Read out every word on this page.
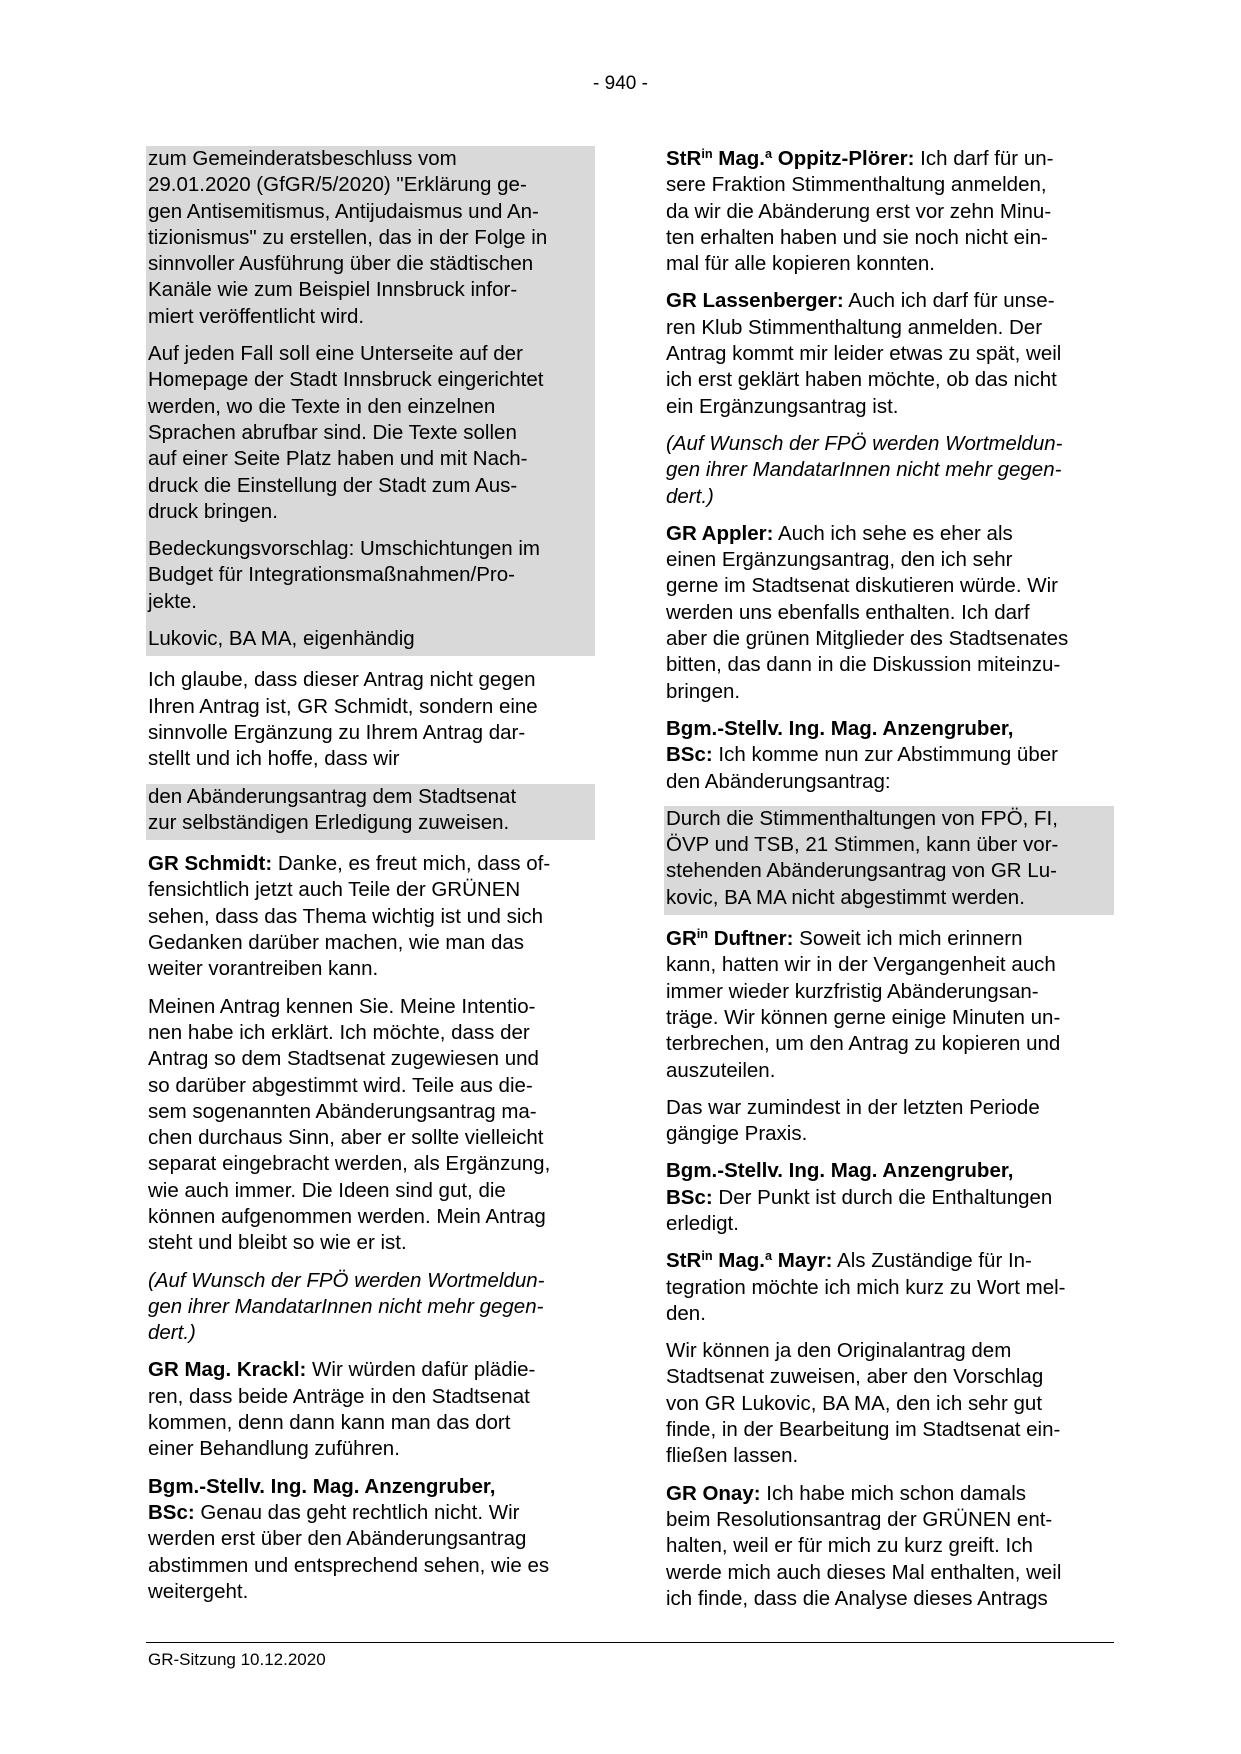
- 940 -

zum Gemeinderatsbeschluss vom
29.01.2020 (GfGR/5/2020) "Erklärung ge-
gen Antisemitismus, Antijudaismus und An-
tizionismus" zu erstellen, das in der Folge in
sinnvoller Ausführung über die städtischen
Kanäle wie zum Beispiel Innsbruck infor-
miert veröffentlicht wird.

Auf jeden Fall soll eine Unterseite auf der
Homepage der Stadt Innsbruck eingerichtet
werden, wo die Texte in den einzelnen
Sprachen abrufbar sind. Die Texte sollen
auf einer Seite Platz haben und mit Nach-
druck die Einstellung der Stadt zum Aus-
druck bringen.

Bedeckungsvorschlag: Umschichtungen im
Budget für Integrationsmaßnahmen/Pro-
jekte.

Lukovic, BA MA, eigenhändig

Ich glaube, dass dieser Antrag nicht gegen
Ihren Antrag ist, GR Schmidt, sondern eine
sinnvolle Ergänzung zu Ihrem Antrag dar-
stellt und ich hoffe, dass wir

den Abänderungsantrag dem Stadtsenat
zur selbständigen Erledigung zuweisen.

GR Schmidt: Danke, es freut mich, dass of-
fensichtlich jetzt auch Teile der GRÜNEN
sehen, dass das Thema wichtig ist und sich
Gedanken darüber machen, wie man das
weiter vorantreiben kann.

Meinen Antrag kennen Sie. Meine Intentio-
nen habe ich erklärt. Ich möchte, dass der
Antrag so dem Stadtsenat zugewiesen und
so darüber abgestimmt wird. Teile aus die-
sem sogenannten Abänderungsantrag ma-
chen durchaus Sinn, aber er sollte vielleicht
separat eingebracht werden, als Ergänzung,
wie auch immer. Die Ideen sind gut, die
können aufgenommen werden. Mein Antrag
steht und bleibt so wie er ist.

(Auf Wunsch der FPÖ werden Wortmeldun-
gen ihrer MandatarInnen nicht mehr gegen-
dert.)

GR Mag. Krackl: Wir würden dafür plädie-
ren, dass beide Anträge in den Stadtsenat
kommen, denn dann kann man das dort
einer Behandlung zuführen.

Bgm.-Stellv. Ing. Mag. Anzengruber,
BSc: Genau das geht rechtlich nicht. Wir
werden erst über den Abänderungsantrag
abstimmen und entsprechend sehen, wie es
weitergeht.

StR$^{in}$ Mag.$^a$ Oppitz-Plörer: Ich darf für un-
sere Fraktion Stimmenthaltung anmelden,
da wir die Abänderung erst vor zehn Minu-
ten erhalten haben und sie noch nicht ein-
mal für alle kopieren konnten.

GR Lassenberger: Auch ich darf für unse-
ren Klub Stimmenthaltung anmelden. Der
Antrag kommt mir leider etwas zu spät, weil
ich erst geklärt haben möchte, ob das nicht
ein Ergänzungsantrag ist.

(Auf Wunsch der FPÖ werden Wortmeldun-
gen ihrer MandatarInnen nicht mehr gegen-
dert.)

GR Appler: Auch ich sehe es eher als
einen Ergänzungsantrag, den ich sehr
gerne im Stadtsenat diskutieren würde. Wir
werden uns ebenfalls enthalten. Ich darf
aber die grünen Mitglieder des Stadtsenates
bitten, das dann in die Diskussion miteinzu-
bringen.

Bgm.-Stellv. Ing. Mag. Anzengruber,
BSc: Ich komme nun zur Abstimmung über
den Abänderungsantrag:

Durch die Stimmenthaltungen von FPÖ, FI,
ÖVP und TSB, 21 Stimmen, kann über vor-
stehenden Abänderungsantrag von GR Lu-
kovic, BA MA nicht abgestimmt werden.

$GR^{in}$ Duftner: Soweit ich mich erinnern
kann, hatten wir in der Vergangenheit auch
immer wieder kurzfristig Abänderungsan-
träge. Wir können gerne einige Minuten un-
terbrechen, um den Antrag zu kopieren und
auszuteilen.

Das war zumindest in der letzten Periode
gängige Praxis.

Bgm.-Stellv. Ing. Mag. Anzengruber,
BSc: Der Punkt ist durch die Enthaltungen
erledigt.

StR$^{in}$ Mag.$^a$ Mayr: Als Zuständige für In-
tegration möchte ich mich kurz zu Wort mel-
den.

Wir können ja den Originalantrag dem
Stadtsenat zuweisen, aber den Vorschlag
von GR Lukovic, BA MA, den ich sehr gut
finde, in der Bearbeitung im Stadtsenat ein-
fließen lassen.

GR Onay: Ich habe mich schon damals
beim Resolutionsantrag der GRÜNEN ent-
halten, weil er für mich zu kurz greift. Ich
werde mich auch dieses Mal enthalten, weil
ich finde, dass die Analyse dieses Antrags

GR-Sitzung 10.12.2020
